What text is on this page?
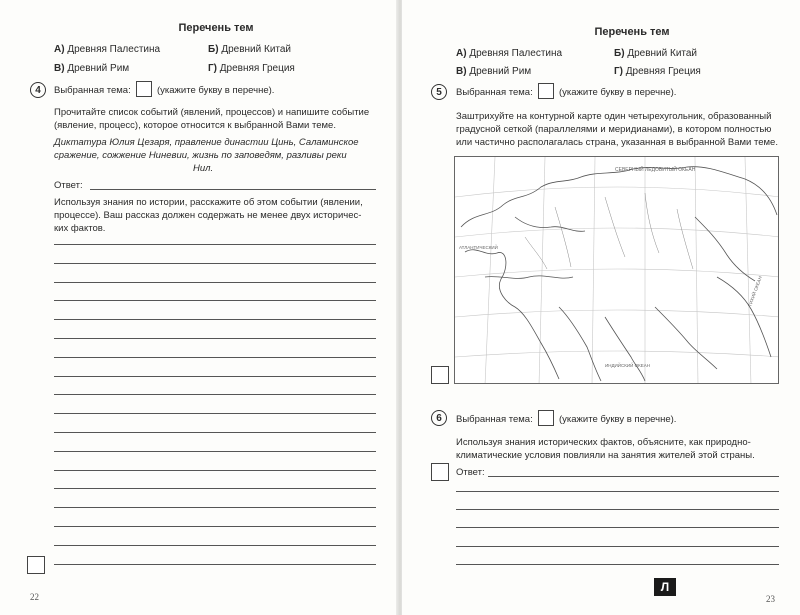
Перечень тем
А) Древняя Палестина	Б) Древний Китай
В) Древний Рим	Г) Древняя Греция
4	Выбранная тема:	(укажите букву в перечне).
Прочитайте список событий (явлений, процессов) и напишите событие
(явление, процесс), которое относится к выбранной Вами теме.
Диктатура Юлия Цезаря, правление династии Цинь, Саламинское
сражение, сожжение Ниневии, жизнь по заповедям, разливы реки
Нил.
Ответ:
Используя знания по истории, расскажите об этом событии (явлении,
процессе). Ваш рассказ должен содержать не менее двух историчес-
ких фактов.
22
Перечень тем
А) Древняя Палестина	Б) Древний Китай
В) Древний Рим	Г) Древняя Греция
5	Выбранная тема:	(укажите букву в перечне).
Заштрихуйте на контурной карте один четырехугольник, образованный
градусной сеткой (параллелями и меридианами), в котором полностью
или частично располагалась страна, указанная в выбранной Вами теме.
СЕВЕРНЫЙ ЛЕДОВИТЫЙ ОКЕАН
АТЛАНТИЧЕСКИЙ
ИНДИЙСКИЙ ОКЕАН
ТИХИЙ ОКЕАН
6	Выбранная тема:	(укажите букву в перечне).
Используя знания исторических фактов, объясните, как природно-
климатические условия повлияли на занятия жителей этой страны.
Ответ:
Л
23
